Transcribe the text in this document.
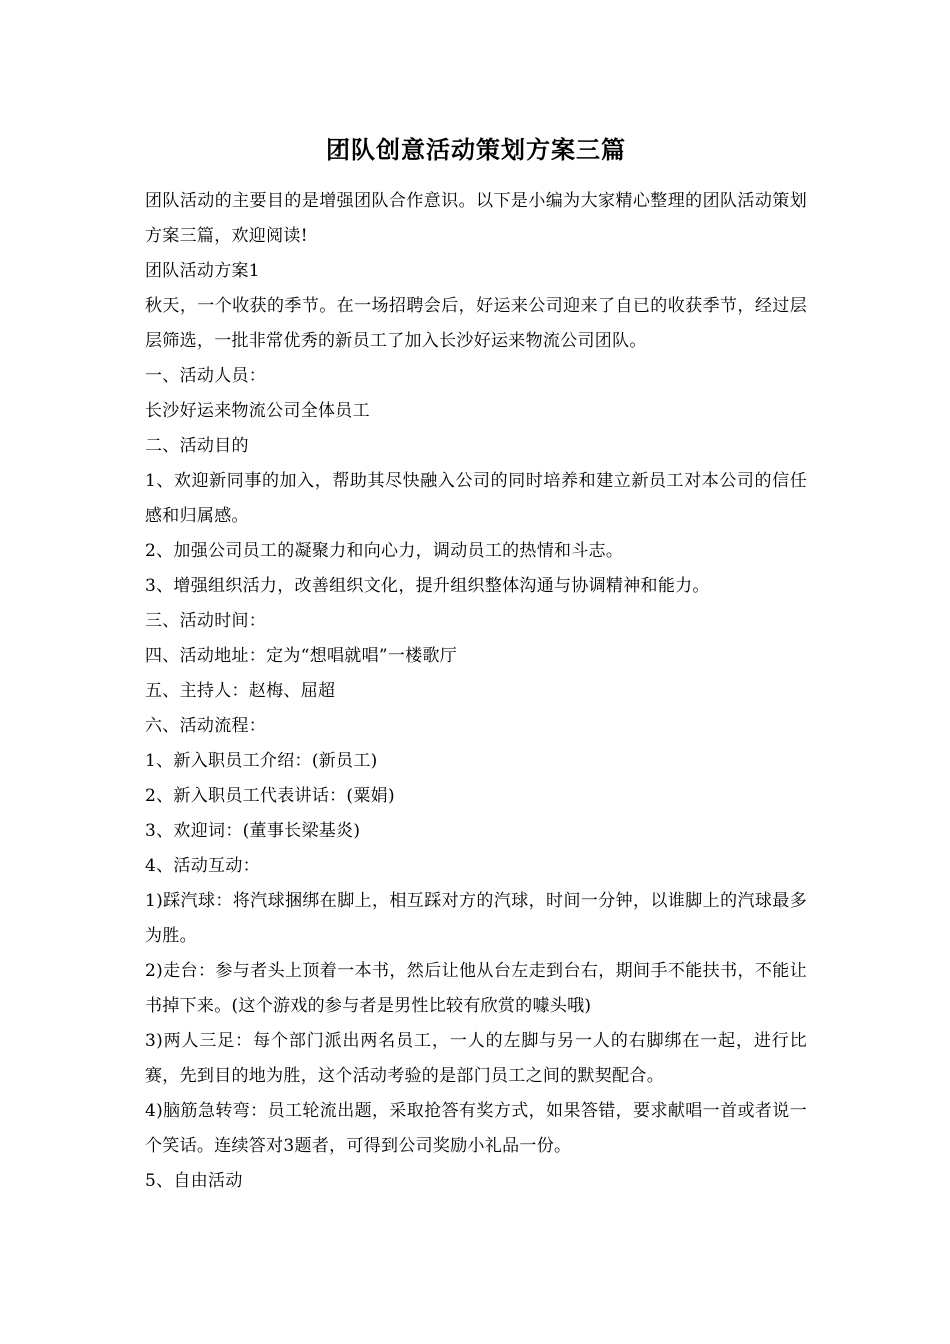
团队创意活动策划方案三篇

团队活动的主要目的是增强团队合作意识。以下是小编为大家精心整理的团队活动策划方案三篇，欢迎阅读!

团队活动方案1

秋天，一个收获的季节。在一场招聘会后，好运来公司迎来了自已的收获季节，经过层层筛选，一批非常优秀的新员工了加入长沙好运来物流公司团队。

一、活动人员：

长沙好运来物流公司全体员工

二、活动目的

1、欢迎新同事的加入，帮助其尽快融入公司的同时培养和建立新员工对本公司的信任感和归属感。

2、加强公司员工的凝聚力和向心力，调动员工的热情和斗志。

3、增强组织活力，改善组织文化，提升组织整体沟通与协调精神和能力。

三、活动时间：

四、活动地址：定为“想唱就唱”一楼歌厅

五、主持人：赵梅、屈超

六、活动流程：

1、新入职员工介绍：(新员工)

2、新入职员工代表讲话：(粟娟)

3、欢迎词：(董事长梁基炎)

4、活动互动：

1)踩汽球：将汽球捆绑在脚上，相互踩对方的汽球，时间一分钟，以谁脚上的汽球最多为胜。

2)走台：参与者头上顶着一本书，然后让他从台左走到台右，期间手不能扶书，不能让书掉下来。(这个游戏的参与者是男性比较有欣赏的噱头哦)

3)两人三足：每个部门派出两名员工，一人的左脚与另一人的右脚绑在一起，进行比赛，先到目的地为胜，这个活动考验的是部门员工之间的默契配合。

4)脑筋急转弯：员工轮流出题，采取抢答有奖方式，如果答错，要求献唱一首或者说一个笑话。连续答对3题者，可得到公司奖励小礼品一份。

5、自由活动
